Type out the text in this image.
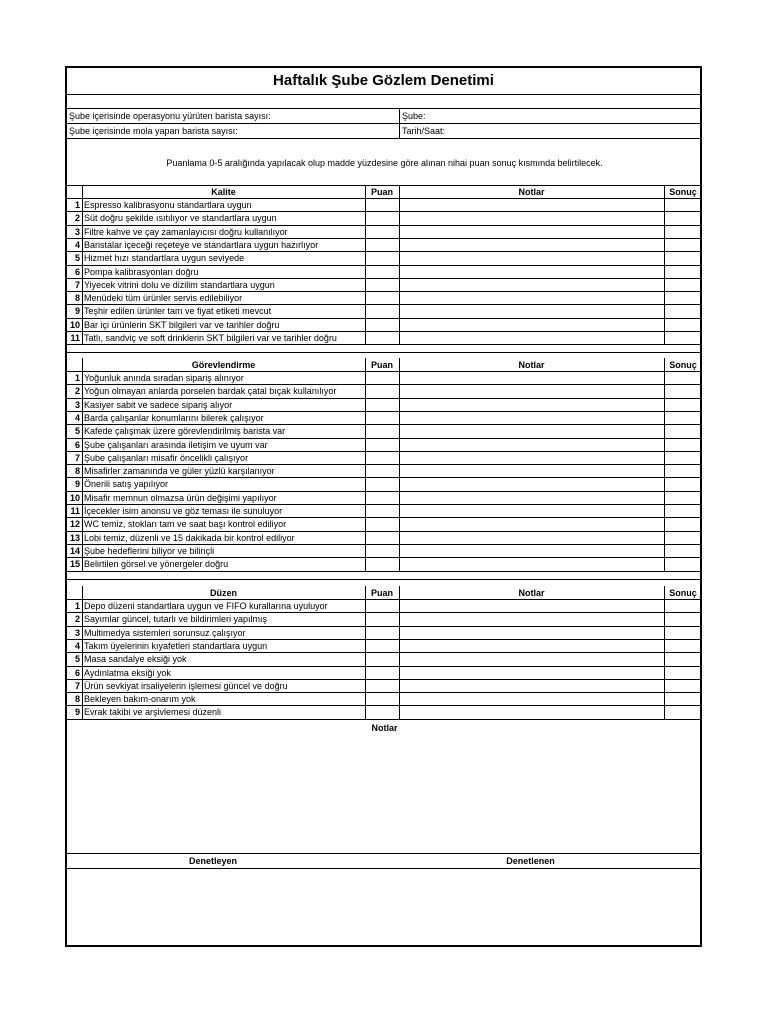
Haftalık Şube Gözlem Denetimi
Şube içerisinde operasyonu yürüten barista sayısı:
Şube içerisinde mola yapan barista sayısı:
Şube:
Tarih/Saat:
Puanlama 0-5 aralığında yapılacak olup madde yüzdesine göre alınan nihai puan sonuç kısmında belirtilecek.
Kalite	Puan	Notlar	Sonuç
1 Espresso kalibrasyonu standartlara uygun
2 Süt doğru şekilde ısıtılıyor ve standartlara uygun
3 Filtre kahve ve çay zamanlayıcısı doğru kullanılıyor
4 Baristalar içeceği reçeteye ve standartlara uygun hazırlıyor
5 Hizmet hızı standartlara uygun seviyede
6 Pompa kalibrasyonları doğru
7 Yiyecek vitrini dolu ve dizilim standartlara uygun
8 Menüdeki tüm ürünler servis edilebiliyor
9 Teşhir edilen ürünler tam ve fiyat etiketi mevcut
10 Bar içi ürünlerin SKT bilgileri var ve tarihler doğru
11 Tatlı, sandviç ve soft drinklerin SKT bilgileri var ve tarihler doğru
Görevlendirme	Puan	Notlar	Sonuç
1 Yoğunluk anında sıradan sipariş alınıyor
2 Yoğun olmayan anlarda porselen bardak çatal bıçak kullanılıyor
3 Kasiyer sabit ve sadece sipariş alıyor
4 Barda çalışanlar konumlarını bilerek çalışıyor
5 Kafede çalışmak üzere görevlendirilmiş barista var
6 Şube çalışanları arasında iletişim ve uyum var
7 Şube çalışanları misafir öncelikli çalışıyor
8 Misafirler zamanında ve güler yüzlü karşılanıyor
9 Önerili satış yapılıyor
10 Misafir memnun olmazsa ürün değişimi yapılıyor
11 İçecekler isim anonsu ve göz teması ile sunuluyor
12 WC temiz, stokları tam ve saat başı kontrol ediliyor
13 Lobi temiz, düzenli ve 15 dakikada bir kontrol ediliyor
14 Şube hedeflerini biliyor ve bilinçli
15 Belirtilen görsel ve yönergeler doğru
Düzen	Puan	Notlar	Sonuç
1 Depo düzeni standartlara uygun ve FIFO kurallarına uyuluyor
2 Sayımlar güncel, tutarlı ve bildirimleri yapılmış
3 Multimedya sistemleri sorunsuz çalışıyor
4 Takım üyelerinin kıyafetleri standartlara uygun
5 Masa sandalye eksiği yok
6 Aydınlatma eksiği yok
7 Ürün sevkiyat irsaliyelerin işlemesi güncel ve doğru
8 Bekleyen bakım-onarım yok
9 Evrak takibi ve arşivlemesi düzenli
Notlar
Denetleyen	Denetlenen
